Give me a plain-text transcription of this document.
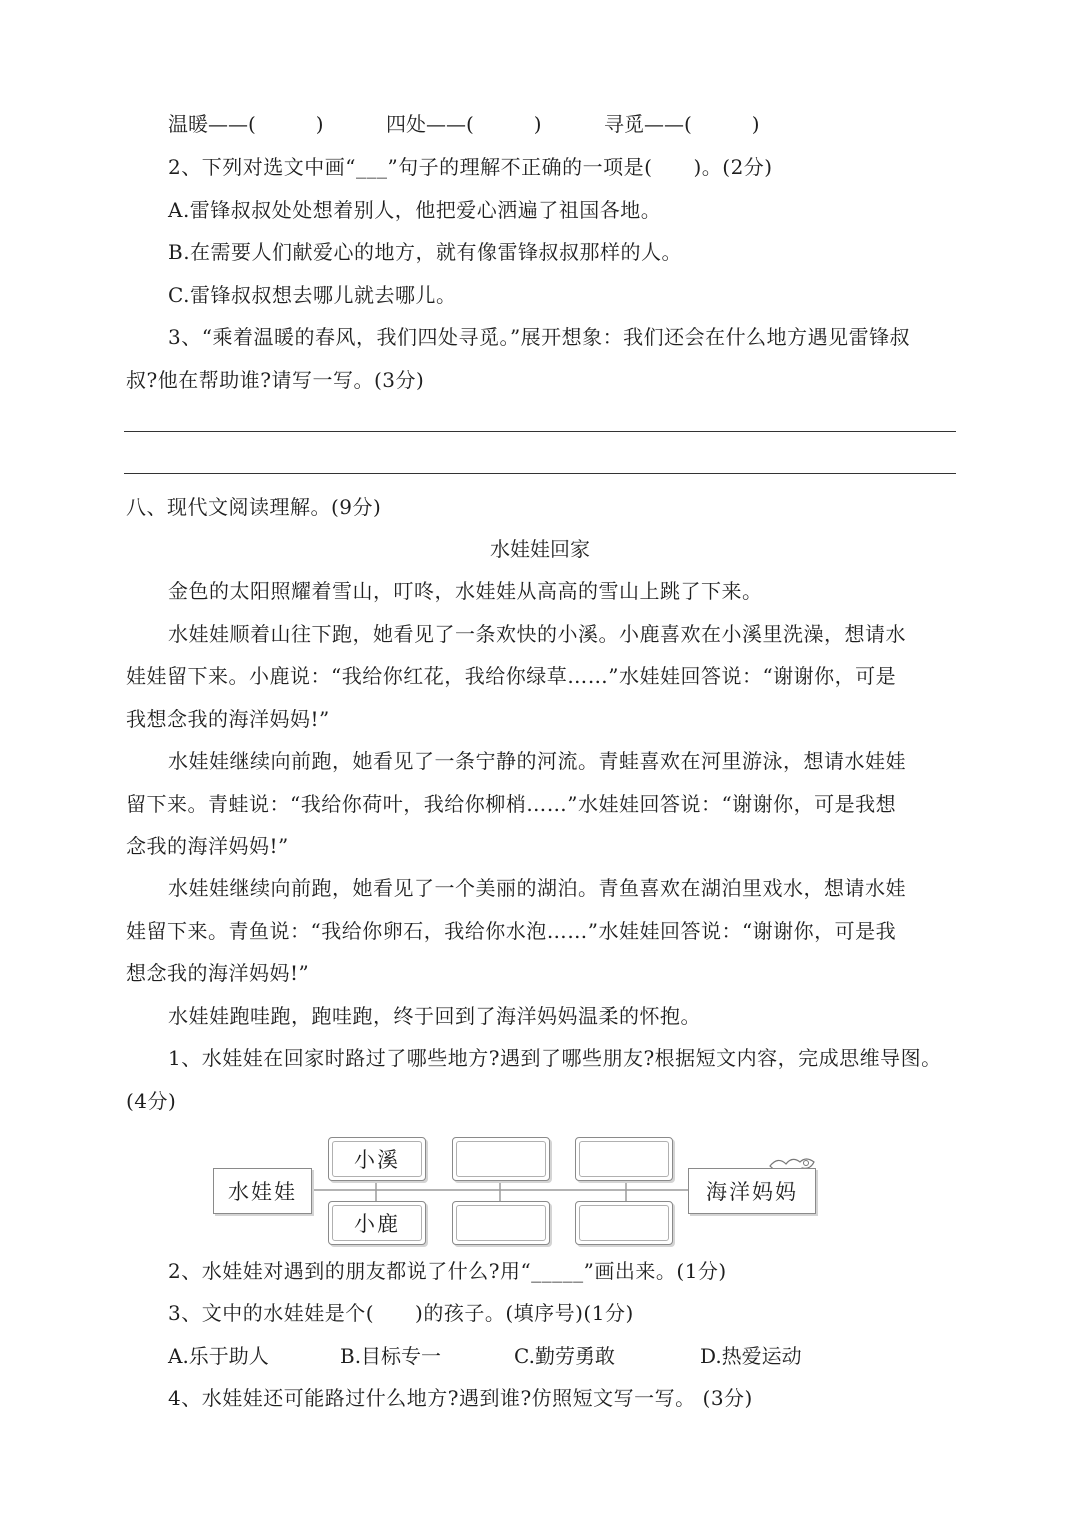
温暖——(　　　)	四处——(　　　)	寻觅——(　　　)
2、下列对选文中画“___”句子的理解不正确的一项是(　　)。(2分)
A.雷锋叔叔处处想着别人，他把爱心洒遍了祖国各地。
B.在需要人们献爱心的地方，就有像雷锋叔叔那样的人。
C.雷锋叔叔想去哪儿就去哪儿。
3、“乘着温暖的春风，我们四处寻觅。”展开想象：我们还会在什么地方遇见雷锋叔
叔?他在帮助谁?请写一写。(3分)
八、现代文阅读理解。(9分)
水娃娃回家
金色的太阳照耀着雪山，叮咚，水娃娃从高高的雪山上跳了下来。
水娃娃顺着山往下跑，她看见了一条欢快的小溪。小鹿喜欢在小溪里洗澡，想请水
娃娃留下来。小鹿说：“我给你红花，我给你绿草……”水娃娃回答说：“谢谢你，可是
我想念我的海洋妈妈!”
水娃娃继续向前跑，她看见了一条宁静的河流。青蛙喜欢在河里游泳，想请水娃娃
留下来。青蛙说：“我给你荷叶，我给你柳梢……”水娃娃回答说：“谢谢你，可是我想
念我的海洋妈妈!”
水娃娃继续向前跑，她看见了一个美丽的湖泊。青鱼喜欢在湖泊里戏水，想请水娃
娃留下来。青鱼说：“我给你卵石，我给你水泡……”水娃娃回答说：“谢谢你，可是我
想念我的海洋妈妈!”
水娃娃跑哇跑，跑哇跑，终于回到了海洋妈妈温柔的怀抱。
1、水娃娃在回家时路过了哪些地方?遇到了哪些朋友?根据短文内容，完成思维导图。
(4分)
水娃娃
小溪
小鹿
海洋妈妈
2、水娃娃对遇到的朋友都说了什么?用“_____”画出来。(1分)
3、文中的水娃娃是个(　　)的孩子。(填序号)(1分)
A.乐于助人	B.目标专一	C.勤劳勇敢	D.热爱运动
4、水娃娃还可能路过什么地方?遇到谁?仿照短文写一写。 (3分)
